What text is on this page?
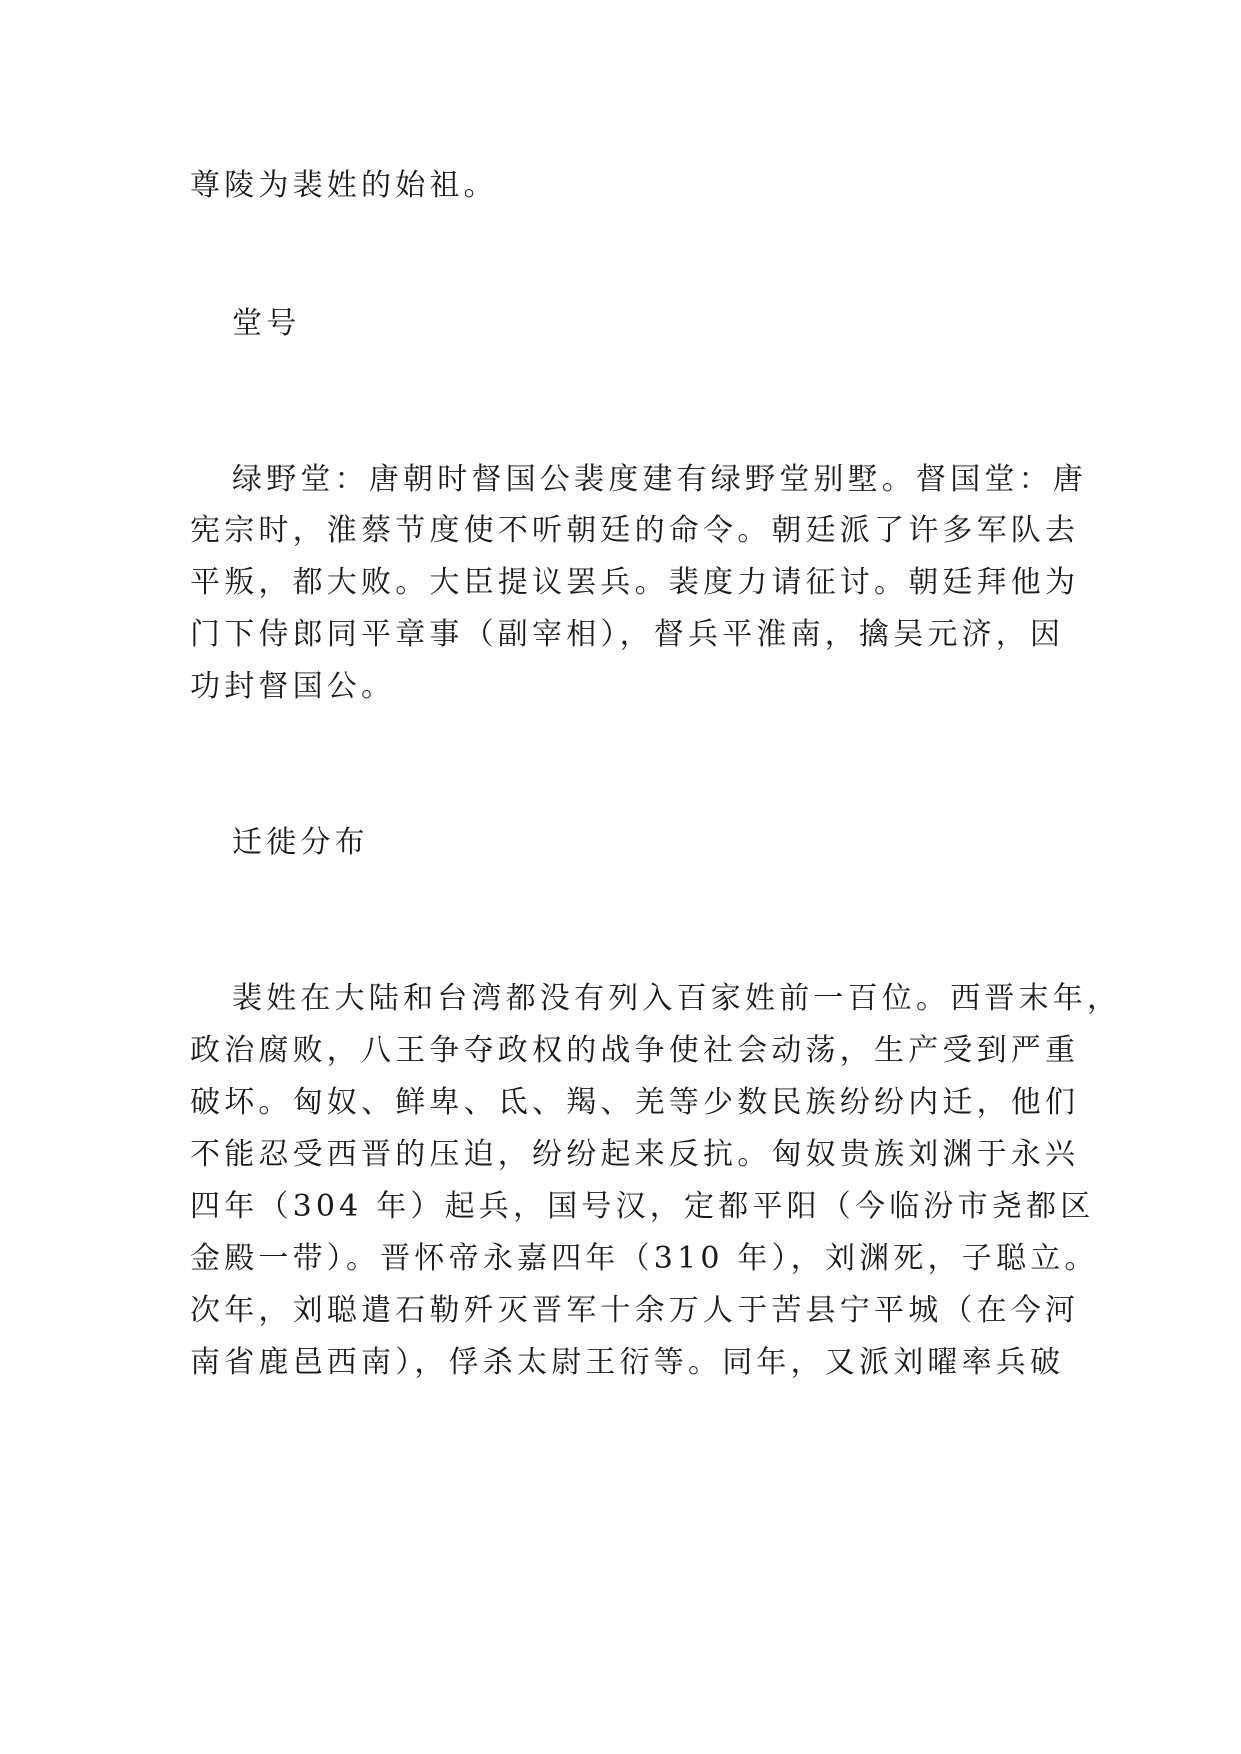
尊陵为裴姓的始祖。
堂号
绿野堂：唐朝时督国公裴度建有绿野堂别墅。督国堂：唐
宪宗时，淮蔡节度使不听朝廷的命令。朝廷派了许多军队去
平叛，都大败。大臣提议罢兵。裴度力请征讨。朝廷拜他为
门下侍郎同平章事（副宰相），督兵平淮南，擒吴元济，因
功封督国公。
迁徙分布
裴姓在大陆和台湾都没有列入百家姓前一百位。西晋末年，
政治腐败，八王争夺政权的战争使社会动荡，生产受到严重
破坏。匈奴、鲜卑、氐、羯、羌等少数民族纷纷内迁，他们
不能忍受西晋的压迫，纷纷起来反抗。匈奴贵族刘渊于永兴
四年（304 年）起兵，国号汉，定都平阳（今临汾市尧都区
金殿一带）。晋怀帝永嘉四年（310 年），刘渊死，子聪立。
次年，刘聪遣石勒歼灭晋军十余万人于苦县宁平城（在今河
南省鹿邑西南），俘杀太尉王衍等。同年，又派刘曜率兵破
